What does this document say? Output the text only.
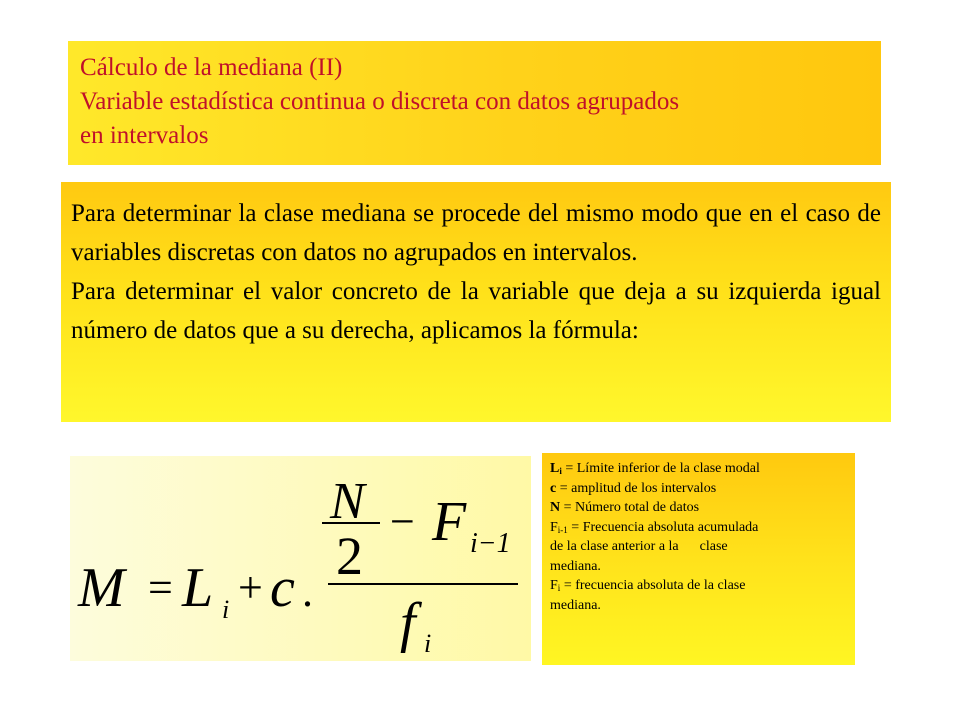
Cálculo de la mediana (II)
Variable estadística continua o discreta con datos agrupados
en intervalos

Para determinar la clase mediana se procede del mismo modo que en el caso de variables discretas con datos no agrupados en intervalos.

Para determinar el valor concreto de la variable que deja a su izquierda igual número de datos que a su derecha, aplicamos la fórmula:

M = L i + c .
N
2
− F i−1
f i
$L_i$ = Límite inferior de la clase modal
c = amplitud de los intervalos
N = Número total de datos
$F_{i-1}$ = Frecuencia absoluta acumulada
de la clase anterior a la      clase
mediana.
$F_i$ = frecuencia absoluta de la clase
mediana.
